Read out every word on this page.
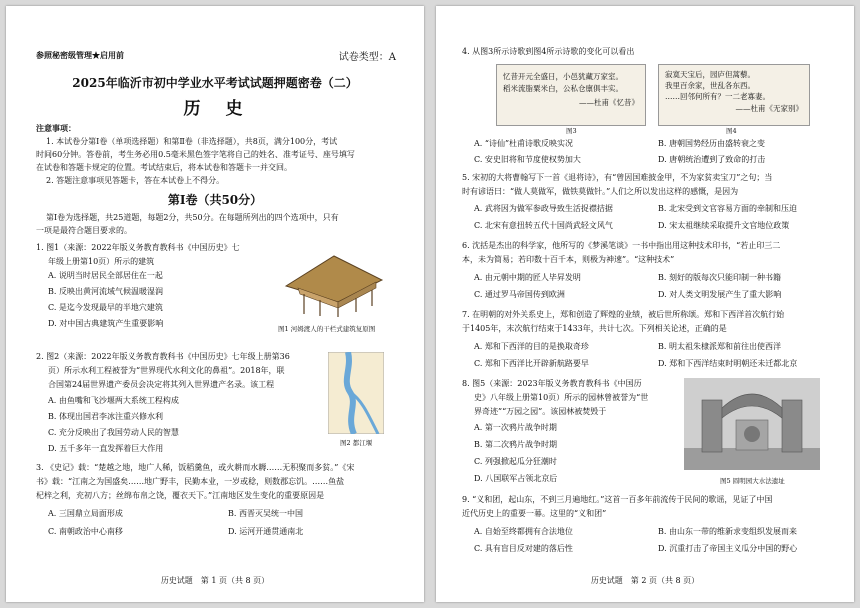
参照秘密级管理★启用前	试卷类型：A
2025年临沂市初中学业水平考试试题押题密卷（二）
历　史
注意事项：
1. 本试卷分第Ⅰ卷（单项选择题）和第Ⅱ卷（非选择题），共8页，满分100分，考试
时间60分钟。答卷前，考生务必用0.5毫米黑色签字笔将自己的姓名、准考证号、座号填写
在试卷和答题卡规定的位置。考试结束后，将本试卷和答题卡一并交回。
2. 答题注意事项见答题卡，答在本试卷上不得分。
第Ⅰ卷（共50分）
第Ⅰ卷为选择题，共25道题，每题2分，共50分。在每题所列出的四个选项中，只有
一项是最符合题目要求的。
1. 图1（来源：2022年版义务教育教科书《中国历史》七
年级上册第10页）所示的建筑
A. 说明当时居民全部居住在一起
B. 反映出黄河流域气候温暖湿润
C. 是迄今发现最早的半地穴建筑
D. 对中国古典建筑产生重要影响
图1 河姆渡人的干栏式建筑复原图
2. 图2（来源：2022年版义务教育教科书《中国历史》七年级上册第36
页）所示水利工程被誉为“世界现代水利文化的鼻祖”。2018年，联
合国第24届世界遗产委员会决定将其列入世界遗产名录。该工程
A. 由鱼嘴和飞沙堰两大系统工程构成
B. 体现出国君李冰注重兴修水利
C. 充分反映出了我国劳动人民的智慧
D. 五千多年一直发挥着巨大作用
图2 都江堰
3. 《史记》载：“楚越之地，地广人稀，饭稻羹鱼，或火耕而水耨……无积聚而多贫。”《宋
书》载：“江南之为国盛矣……地广野丰，民勤本业，一岁或稔，则数郡忘饥。……鱼盐
杞梓之利，充初八方；丝绵布帛之饶，覆衣天下。”江南地区发生变化的重要原因是
A. 三国鼎立局面形成	B. 西晋灭吴统一中国
C. 南朝政治中心南移	D. 运河开通贯通南北
历史试题　第 1 页（共 8 页）
4. 从图3所示诗歌到图4所示诗歌的变化可以看出
忆昔开元全盛日，小邑犹藏万家室。
稻米流脂粟米白，公私仓廪俱丰实。
——杜甫《忆昔》
图3
寂寞天宝后，园庐但蒿藜。
我里百余家，世乱各东西。
……回邻何所有？一二老寡妻。
——杜甫《无家别》
图4
A. “诗仙”杜甫诗歌反映实况	B. 唐朝国势经历由盛转衰之变
C. 安史旧将和节度使权势加大	D. 唐朝统治遭到了致命的打击
5. 宋初的大将曹翰写下一首《退将诗》，有“曾因国难披金甲，不为家贫卖宝刀”之句；当
时有谚语曰：“做人莫做军，做铁莫做针。”人们之所以发出这样的感慨，是因为
A. 武将因为做军参政导致生活捉襟拮据	B. 北宋受到文官容易方面的牵制和压迫
C. 北宋有意扭转五代十国尚武轻文风气	D. 宋太祖继续采取提升文官地位政策
6. 沈括是杰出的科学家，他所写的《梦溪笔谈》一书中指出用这种技术印书，“若止印三二
本，未为简易；若印数十百千本，则极为神速”。“这种技术”
A. 由元朝中期的匠人毕昇发明	B. 刻好的版每次只能印制一种书籍
C. 通过罗马帝国传到欧洲	D. 对人类文明发展产生了重大影响
7. 在明朝的对外关系史上，郑和创造了辉煌的业绩，被后世所称颂。郑和下西洋首次航行始
于1405年，末次航行结束于1433年，共计七次。下列相关论述，正确的是
A. 郑和下西洋的目的是换取奇珍	B. 明太祖朱棣派郑和前往出使西洋
C. 郑和下西洋比开辟新航路要早	D. 郑和下西洋结束时明朝还未迁都北京
8. 图5（来源：2023年版义务教育教科书《中国历
史》八年级上册第10页）所示的园林曾被誉为“世
界奇迹”“万园之园”。该园林被焚毁于
A. 第一次鸦片战争时期
B. 第二次鸦片战争时期
C. 列强掀起瓜分狂潮时
D. 八国联军占领北京后	图5 圆明园大水法遗址
9. “义和团，起山东，不到三月遍地红。”这首一百多年前流传于民间的歌谣，见证了中国
近代历史上的重要一幕。这里的“义和团”
A. 自始至终都拥有合法地位	B. 由山东一带的维新求变组织发展而来
C. 具有盲目反对建的落后性	D. 沉重打击了帝国主义瓜分中国的野心
历史试题　第 2 页（共 8 页）
